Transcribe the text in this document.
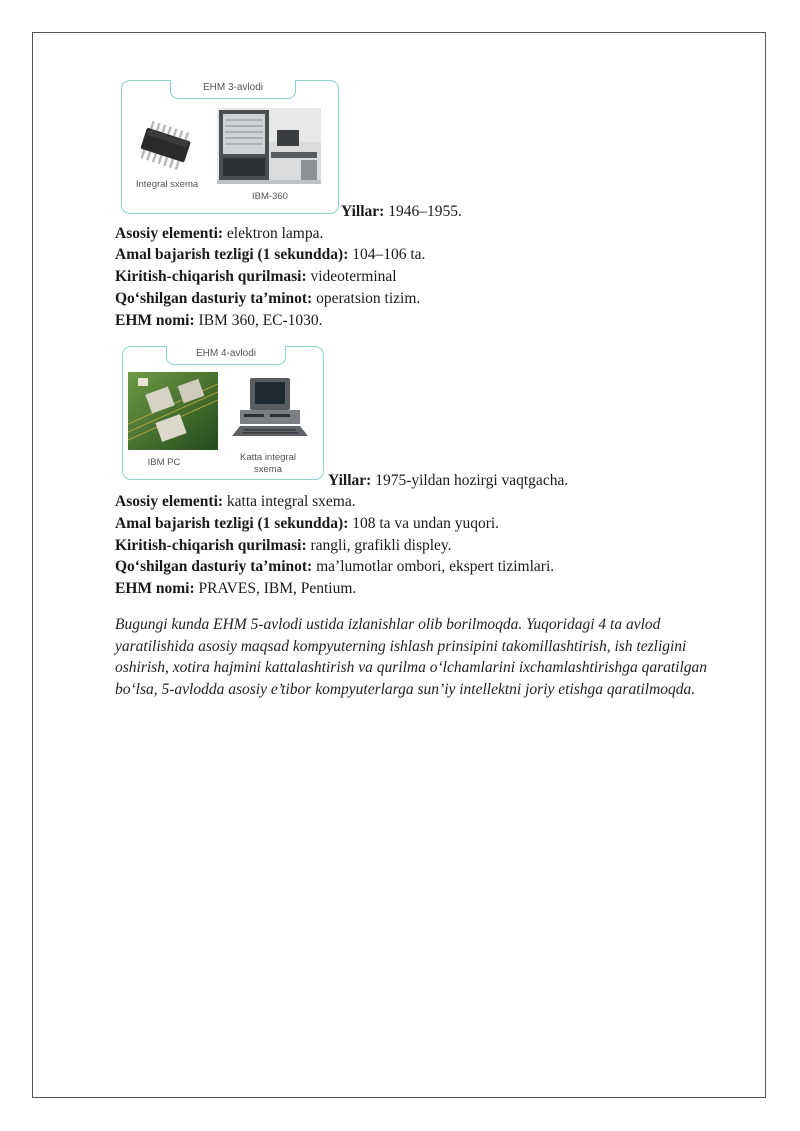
EHM 3-avlodi
Integral sxema
IBM-360
Yillar: 1946–1955.
Asosiy elementi: elektron lampa.
Amal bajarish tezligi (1 sekundda): 104–106 ta.
Kiritish-chiqarish qurilmasi: videoterminal
Qo‘shilgan dasturiy ta’minot: operatsion tizim.
EHM nomi: IBM 360, EC-1030.
EHM 4-avlodi
IBM PC	Katta integral
sxema
Yillar: 1975-yildan hozirgi vaqtgacha.
Asosiy elementi: katta integral sxema.
Amal bajarish tezligi (1 sekundda): 108 ta va undan yuqori.
Kiritish-chiqarish qurilmasi: rangli, grafikli displey.
Qo‘shilgan dasturiy ta’minot: ma’lumotlar ombori, ekspert tizimlari.
EHM nomi: PRAVES, IBM, Pentium.
Bugungi kunda EHM 5-avlodi ustida izlanishlar olib borilmoqda. Yuqoridagi 4 ta avlod yaratilishida asosiy maqsad kompyuterning ishlash prinsipini takomillashtirish, ish tezligini oshirish, xotira hajmini kattalashtirish va qurilma o‘lchamlarini ixchamlashtirishga qaratilgan bo‘lsa, 5-avlodda asosiy e’tibor kompyuterlarga sun’iy intellektni joriy etishga qaratilmoqda.
